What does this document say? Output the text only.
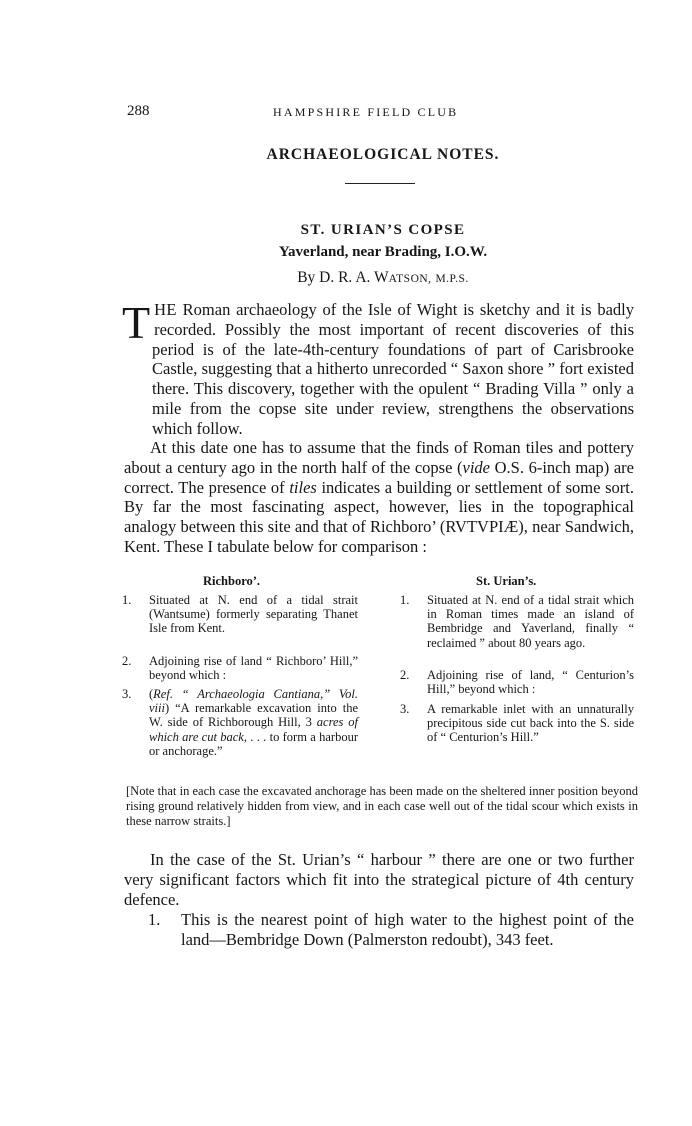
288	HAMPSHIRE FIELD CLUB
ARCHAEOLOGICAL NOTES.
ST. URIAN’S COPSE
Yaverland, near Brading, I.O.W.
By D. R. A. WATSON, M.P.S.
THE Roman archaeology of the Isle of Wight is sketchy and it is badly recorded. Possibly the most important of recent discoveries of this period is of the late-4th-century foundations of part of Carisbrooke Castle, suggesting that a hitherto unrecorded “ Saxon shore ” fort existed there. This discovery, together with the opulent “ Brading Villa ” only a mile from the copse site under review, strengthens the observations which follow.
At this date one has to assume that the finds of Roman tiles and pottery about a century ago in the north half of the copse (vide O.S. 6-inch map) are correct. The presence of tiles indicates a building or settlement of some sort. By far the most fascinating aspect, however, lies in the topographical analogy between this site and that of Richboro’ (RVTVPIÆ), near Sandwich, Kent. These I tabulate below for comparison :
Richboro’.	St. Urian’s.
1. Situated at N. end of a tidal strait (Wantsume) formerly separating Thanet Isle from Kent.
2. Adjoining rise of land “ Richboro’ Hill,” beyond which :
3. (Ref. “ Archaeologia Cantiana,” Vol. viii) “A remarkable excavation into the W. side of Richborough Hill, 3 acres of which are cut back, . . . to form a harbour or anchorage.”
1. Situated at N. end of a tidal strait which in Roman times made an island of Bembridge and Yaverland, finally “ reclaimed ” about 80 years ago.
2. Adjoining rise of land, “ Centurion’s Hill,” beyond which :
3. A remarkable inlet with an unnaturally precipitous side cut back into the S. side of “ Centurion’s Hill.”
[Note that in each case the excavated anchorage has been made on the sheltered inner position beyond rising ground relatively hidden from view, and in each case well out of the tidal scour which exists in these narrow straits.]
In the case of the St. Urian’s “ harbour ” there are one or two further very significant factors which fit into the strategical picture of 4th century defence.
1. This is the nearest point of high water to the highest point of the land—Bembridge Down (Palmerston redoubt), 343 feet.
